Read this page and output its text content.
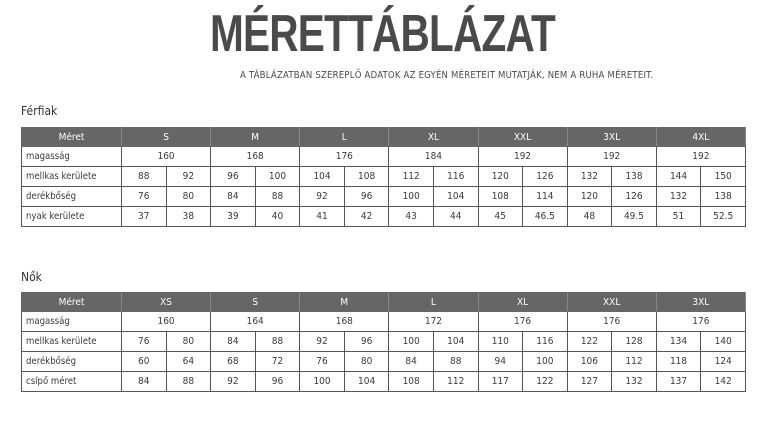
MÉRETTÁBLÁZAT
A TÁBLÁZATBAN SZEREPLŐ ADATOK AZ EGYÉN MÉRETEIT MUTATJÁK, NEM A RUHA MÉRETEIT.
Férfiak
Méret	S		M		L		XL		XXL		3XL		4XL	
magasság	160		168		176		184		192		192		192	
mellkas kerülete	88	92	96	100	104	108	112	116	120	126	132	138	144	150
derékbőség	76	80	84	88	92	96	100	104	108	114	120	126	132	138
nyak kerülete	37	38	39	40	41	42	43	44	45	46.5	48	49.5	51	52.5
Nők
Méret	XS		S		M		L		XL		XXL		3XL	
magasság	160		164		168		172		176		176		176	
mellkas kerülete	76	80	84	88	92	96	100	104	110	116	122	128	134	140
derékbőség	60	64	68	72	76	80	84	88	94	100	106	112	118	124
csípő méret	84	88	92	96	100	104	108	112	117	122	127	132	137	142
